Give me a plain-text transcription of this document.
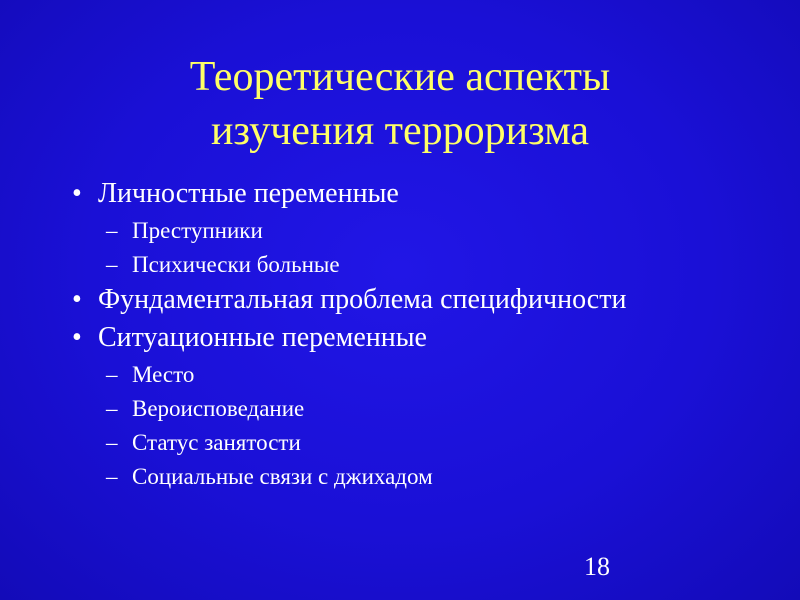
Теоретические аспекты
изучения терроризма
• Личностные переменные
– Преступники
– Психически больные
• Фундаментальная проблема специфичности
• Ситуационные переменные
– Место
– Вероисповедание
– Статус занятости
– Социальные связи с джихадом
18
